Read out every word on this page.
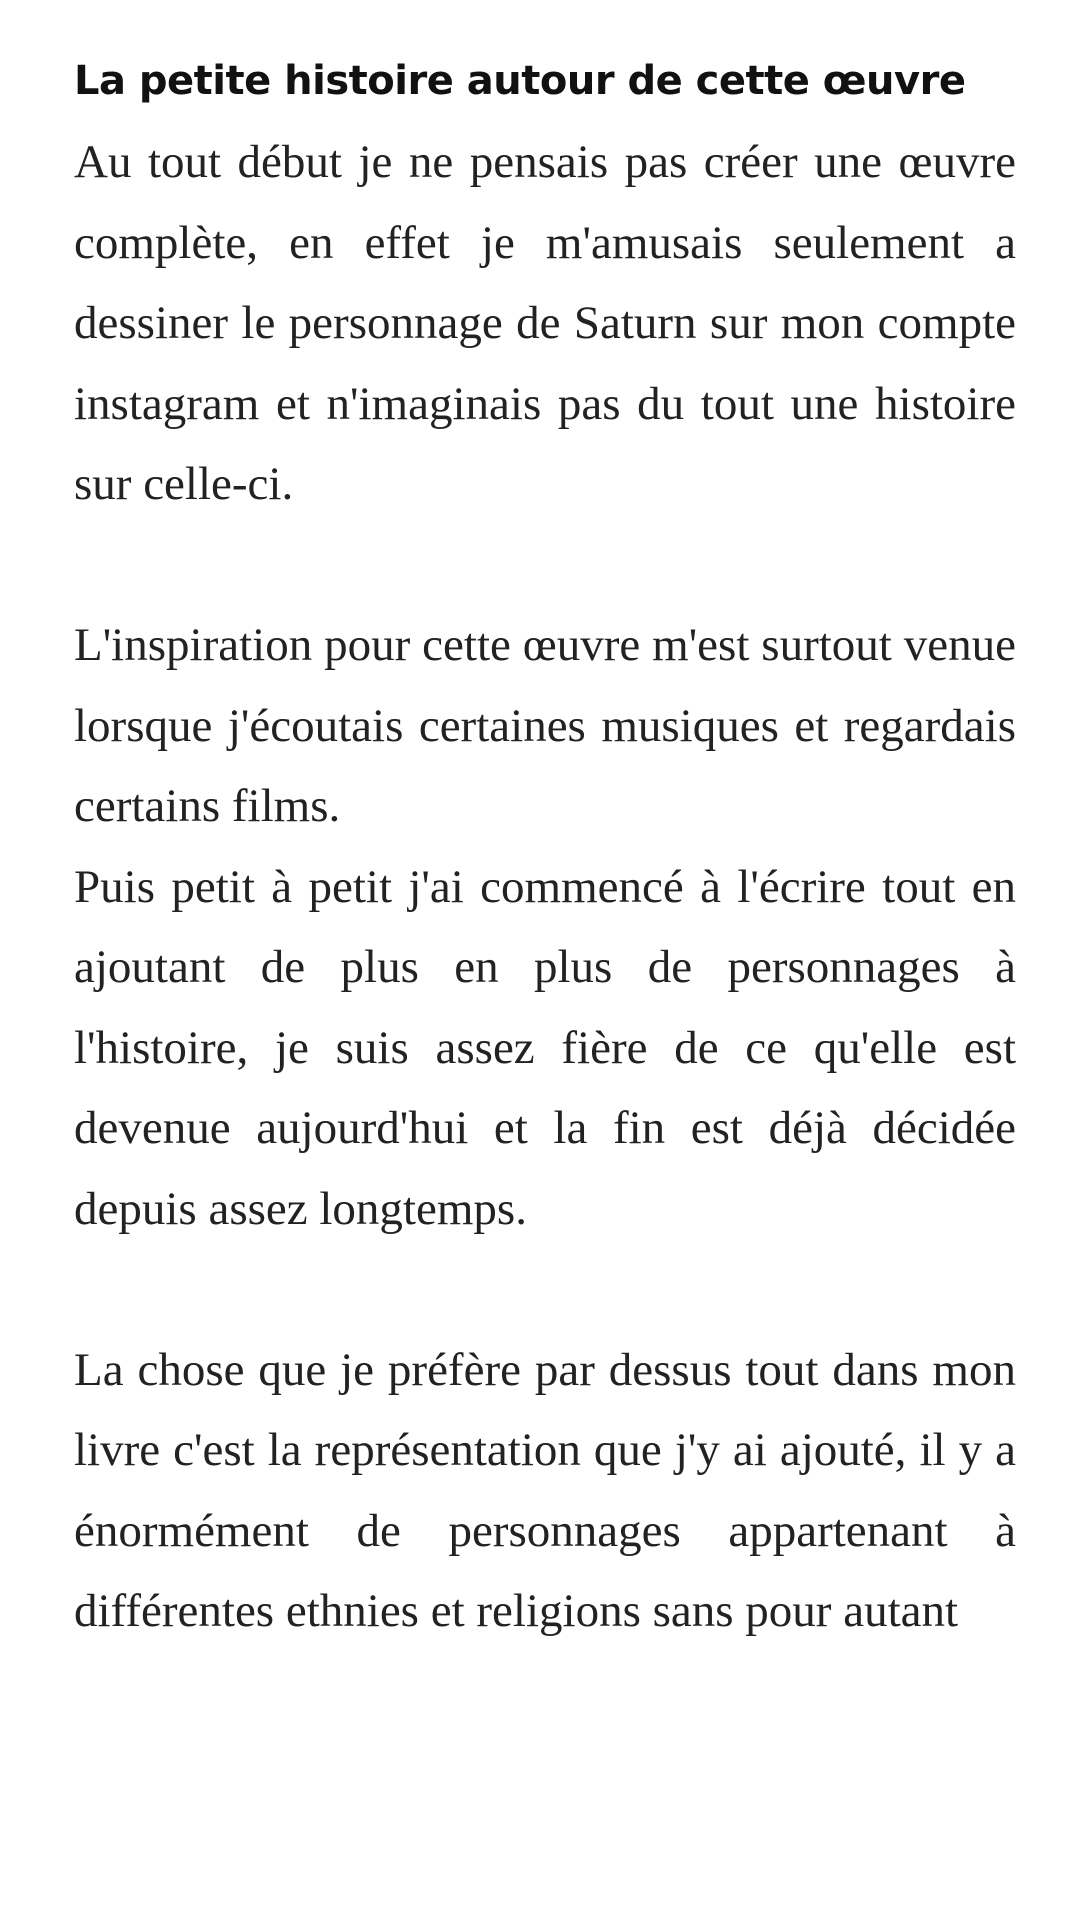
La petite histoire autour de cette œuvre

Au tout début je ne pensais pas créer une œuvre complète, en effet je m'amusais seulement a dessiner le personnage de Saturn sur mon compte instagram et n'imaginais pas du tout une histoire sur celle-ci.

L'inspiration pour cette œuvre m'est surtout venue lorsque j'écoutais certaines musiques et regardais certains films.

Puis petit à petit j'ai commencé à l'écrire tout en ajoutant de plus en plus de personnages à l'histoire, je suis assez fière de ce qu'elle est devenue aujourd'hui et la fin est déjà décidée depuis assez longtemps.

La chose que je préfère par dessus tout dans mon livre c'est la représentation que j'y ai ajouté, il y a énormément de personnages appartenant à différentes ethnies et religions sans pour autant
